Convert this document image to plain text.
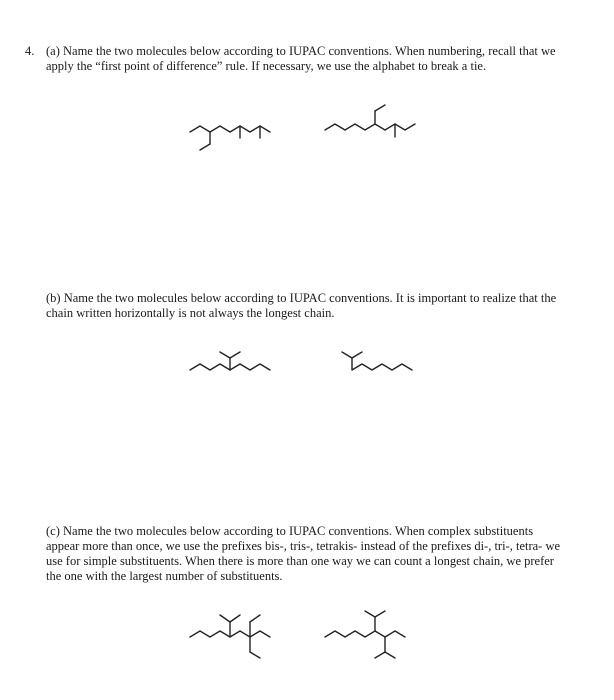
4. (a) Name the two molecules below according to IUPAC conventions. When numbering, recall that we apply the “first point of difference” rule. If necessary, we use the alphabet to break a tie.

(b) Name the two molecules below according to IUPAC conventions. It is important to realize that the chain written horizontally is not always the longest chain.

(c) Name the two molecules below according to IUPAC conventions. When complex substituents appear more than once, we use the prefixes bis-, tris-, tetrakis- instead of the prefixes di-, tri-, tetra- we use for simple substituents. When there is more than one way we can count a longest chain, we prefer the one with the largest number of substituents.
